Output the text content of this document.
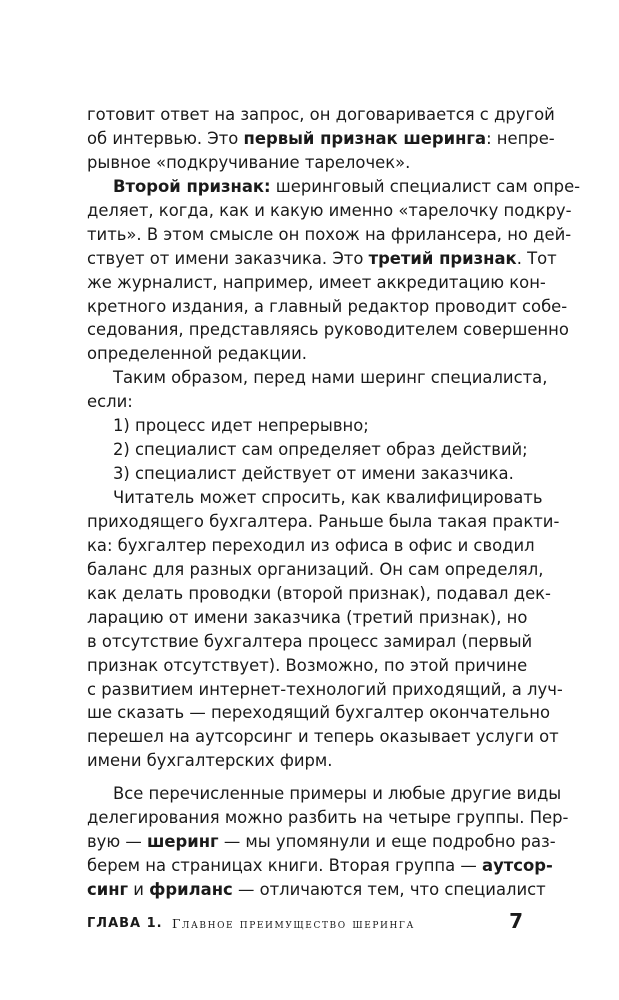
готовит ответ на запрос, он договаривается с другой
об интервью. Это первый признак шеринга: непре-
рывное «подкручивание тарелочек».
Второй признак: шеринговый специалист сам опре-
деляет, когда, как и какую именно «тарелочку подкру-
тить». В этом смысле он похож на фрилансера, но дей-
ствует от имени заказчика. Это третий признак. Тот
же журналист, например, имеет аккредитацию кон-
кретного издания, а главный редактор проводит собе-
седования, представляясь руководителем совершенно
определенной редакции.
Таким образом, перед нами шеринг специалиста,
если:
1) процесс идет непрерывно;
2) специалист сам определяет образ действий;
3) специалист действует от имени заказчика.
Читатель может спросить, как квалифицировать
приходящего бухгалтера. Раньше была такая практи-
ка: бухгалтер переходил из офиса в офис и сводил
баланс для разных организаций. Он сам определял,
как делать проводки (второй признак), подавал дек-
ларацию от имени заказчика (третий признак), но
в отсутствие бухгалтера процесс замирал (первый
признак отсутствует). Возможно, по этой причине
с развитием интернет-технологий приходящий, а луч-
ше сказать — переходящий бухгалтер окончательно
перешел на аутсорсинг и теперь оказывает услуги от
имени бухгалтерских фирм.
Все перечисленные примеры и любые другие виды
делегирования можно разбить на четыре группы. Пер-
вую — шеринг — мы упомянули и еще подробно раз-
берем на страницах книги. Вторая группа — аутсор-
синг и фриланс — отличаются тем, что специалист
ГЛАВА 1. Главное преимущество шеринга	7
